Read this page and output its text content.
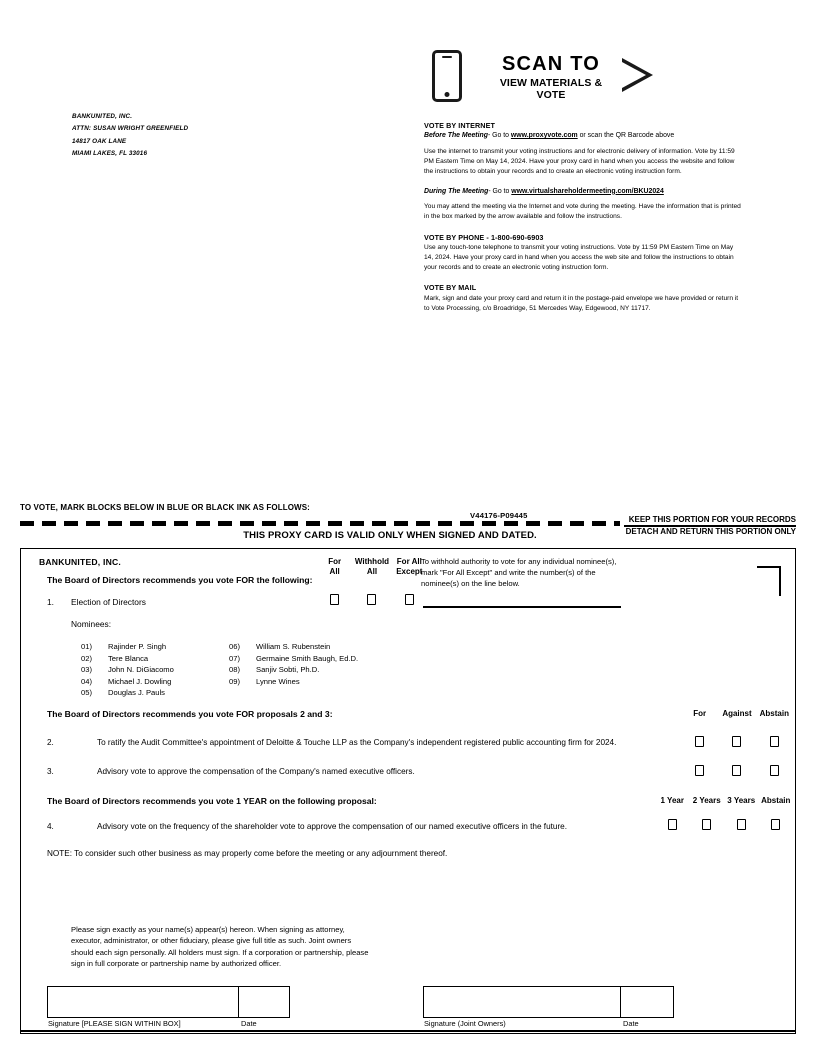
BANKUNITED, INC.
ATTN: SUSAN WRIGHT GREENFIELD
14817 OAK LANE
MIAMI LAKES, FL 33016
SCAN TO
VIEW MATERIALS & VOTE
VOTE BY INTERNET
Before The Meeting- Go to www.proxyvote.com or scan the QR Barcode above
Use the internet to transmit your voting instructions and for electronic delivery of information. Vote by 11:59 PM Eastern Time on May 14, 2024. Have your proxy card in hand when you access the website and follow the instructions to obtain your records and to create an electronic voting instruction form.
During The Meeting- Go to www.virtualshareholdermeeting.com/BKU2024
You may attend the meeting via the Internet and vote during the meeting. Have the information that is printed in the box marked by the arrow available and follow the instructions.
VOTE BY PHONE - 1-800-690-6903
Use any touch-tone telephone to transmit your voting instructions. Vote by 11:59 PM Eastern Time on May 14, 2024. Have your proxy card in hand when you access the web site and follow the instructions to obtain your records and to create an electronic voting instruction form.
VOTE BY MAIL
Mark, sign and date your proxy card and return it in the postage-paid envelope we have provided or return it to Vote Processing, c/o Broadridge, 51 Mercedes Way, Edgewood, NY 11717.
TO VOTE, MARK BLOCKS BELOW IN BLUE OR BLACK INK AS FOLLOWS:
V44176-P09445	KEEP THIS PORTION FOR YOUR RECORDS
DETACH AND RETURN THIS PORTION ONLY
THIS PROXY CARD IS VALID ONLY WHEN SIGNED AND DATED.
BANKUNITED, INC.
The Board of Directors recommends you vote FOR the following:
For
All
Withhold
All
For All
Except
To withhold authority to vote for any individual nominee(s), mark "For All Except" and write the number(s) of the nominee(s) on the line below.
1. Election of Directors
Nominees:
01)	Rajinder P. Singh	06)	William S. Rubenstein
02)	Tere Blanca	07)	Germaine Smith Baugh, Ed.D.
03)	John N. DiGiacomo	08)	Sanjiv Sobti, Ph.D.
04)	Michael J. Dowling	09)	Lynne Wines
05)	Douglas J. Pauls
The Board of Directors recommends you vote FOR proposals 2 and 3:	For	Against Abstain
2.	To ratify the Audit Committee's appointment of Deloitte & Touche LLP as the Company's independent registered public accounting firm for 2024.
3.	Advisory vote to approve the compensation of the Company's named executive officers.
The Board of Directors recommends you vote 1 YEAR on the following proposal:	1 Year	2 Years 3 Years Abstain
4.	Advisory vote on the frequency of the shareholder vote to approve the compensation of our named executive officers in the future.
NOTE: To consider such other business as may properly come before the meeting or any adjournment thereof.
Please sign exactly as your name(s) appear(s) hereon. When signing as attorney, executor, administrator, or other fiduciary, please give full title as such. Joint owners should each sign personally. All holders must sign. If a corporation or partnership, please sign in full corporate or partnership name by authorized officer.
Signature [PLEASE SIGN WITHIN BOX]	Date	Signature (Joint Owners)	Date
